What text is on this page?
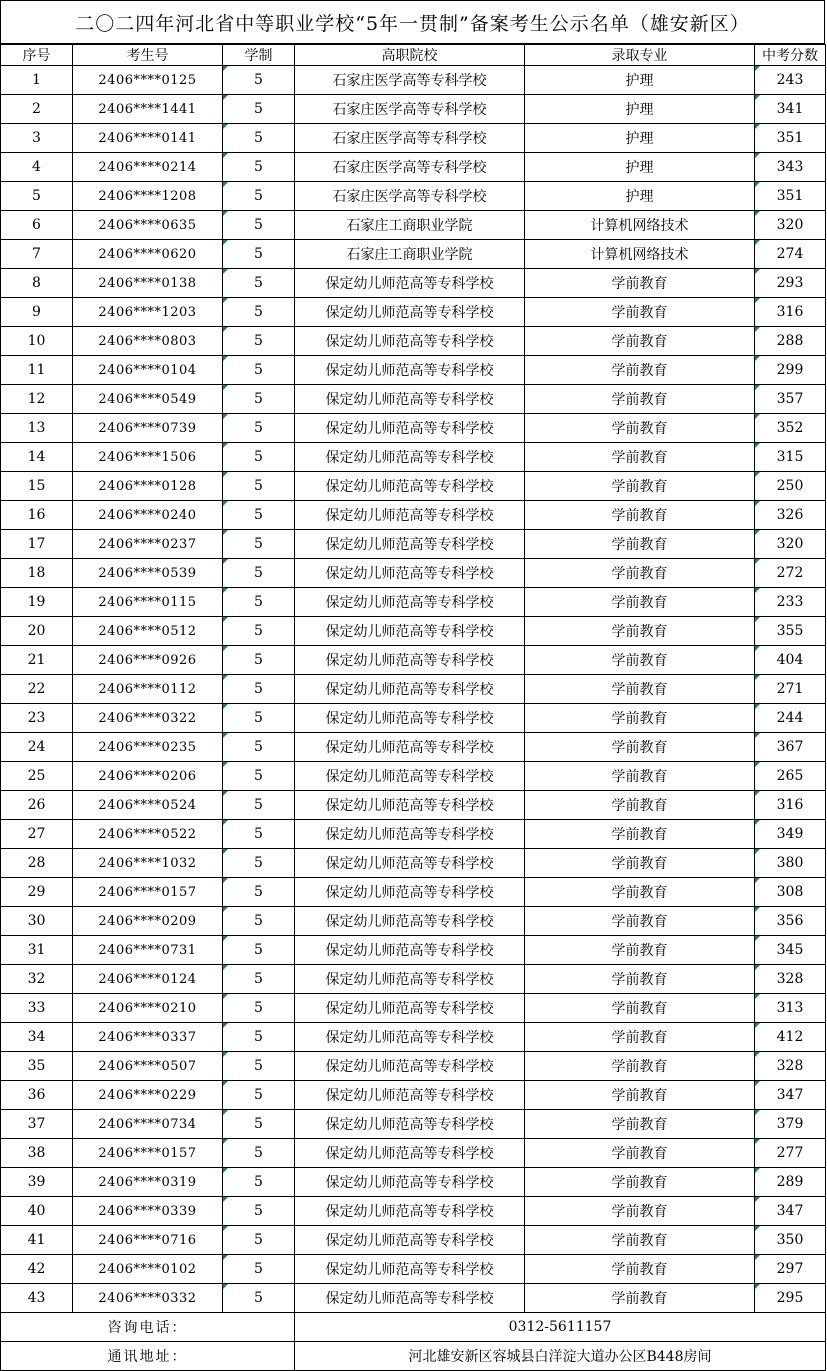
二〇二四年河北省中等职业学校“5年一贯制”备案考生公示名单（雄安新区）
序号	考生号	学制	高职院校	录取专业	中考分数
1	2406****0125	5	石家庄医学高等专科学校	护理	243
2	2406****1441	5	石家庄医学高等专科学校	护理	341
3	2406****0141	5	石家庄医学高等专科学校	护理	351
4	2406****0214	5	石家庄医学高等专科学校	护理	343
5	2406****1208	5	石家庄医学高等专科学校	护理	351
6	2406****0635	5	石家庄工商职业学院	计算机网络技术	320
7	2406****0620	5	石家庄工商职业学院	计算机网络技术	274
8	2406****0138	5	保定幼儿师范高等专科学校	学前教育	293
9	2406****1203	5	保定幼儿师范高等专科学校	学前教育	316
10	2406****0803	5	保定幼儿师范高等专科学校	学前教育	288
11	2406****0104	5	保定幼儿师范高等专科学校	学前教育	299
12	2406****0549	5	保定幼儿师范高等专科学校	学前教育	357
13	2406****0739	5	保定幼儿师范高等专科学校	学前教育	352
14	2406****1506	5	保定幼儿师范高等专科学校	学前教育	315
15	2406****0128	5	保定幼儿师范高等专科学校	学前教育	250
16	2406****0240	5	保定幼儿师范高等专科学校	学前教育	326
17	2406****0237	5	保定幼儿师范高等专科学校	学前教育	320
18	2406****0539	5	保定幼儿师范高等专科学校	学前教育	272
19	2406****0115	5	保定幼儿师范高等专科学校	学前教育	233
20	2406****0512	5	保定幼儿师范高等专科学校	学前教育	355
21	2406****0926	5	保定幼儿师范高等专科学校	学前教育	404
22	2406****0112	5	保定幼儿师范高等专科学校	学前教育	271
23	2406****0322	5	保定幼儿师范高等专科学校	学前教育	244
24	2406****0235	5	保定幼儿师范高等专科学校	学前教育	367
25	2406****0206	5	保定幼儿师范高等专科学校	学前教育	265
26	2406****0524	5	保定幼儿师范高等专科学校	学前教育	316
27	2406****0522	5	保定幼儿师范高等专科学校	学前教育	349
28	2406****1032	5	保定幼儿师范高等专科学校	学前教育	380
29	2406****0157	5	保定幼儿师范高等专科学校	学前教育	308
30	2406****0209	5	保定幼儿师范高等专科学校	学前教育	356
31	2406****0731	5	保定幼儿师范高等专科学校	学前教育	345
32	2406****0124	5	保定幼儿师范高等专科学校	学前教育	328
33	2406****0210	5	保定幼儿师范高等专科学校	学前教育	313
34	2406****0337	5	保定幼儿师范高等专科学校	学前教育	412
35	2406****0507	5	保定幼儿师范高等专科学校	学前教育	328
36	2406****0229	5	保定幼儿师范高等专科学校	学前教育	347
37	2406****0734	5	保定幼儿师范高等专科学校	学前教育	379
38	2406****0157	5	保定幼儿师范高等专科学校	学前教育	277
39	2406****0319	5	保定幼儿师范高等专科学校	学前教育	289
40	2406****0339	5	保定幼儿师范高等专科学校	学前教育	347
41	2406****0716	5	保定幼儿师范高等专科学校	学前教育	350
42	2406****0102	5	保定幼儿师范高等专科学校	学前教育	297
43	2406****0332	5	保定幼儿师范高等专科学校	学前教育	295
咨询电话：			0312-5611157		
通讯地址：			河北雄安新区容城县白洋淀大道办公区B448房间		
